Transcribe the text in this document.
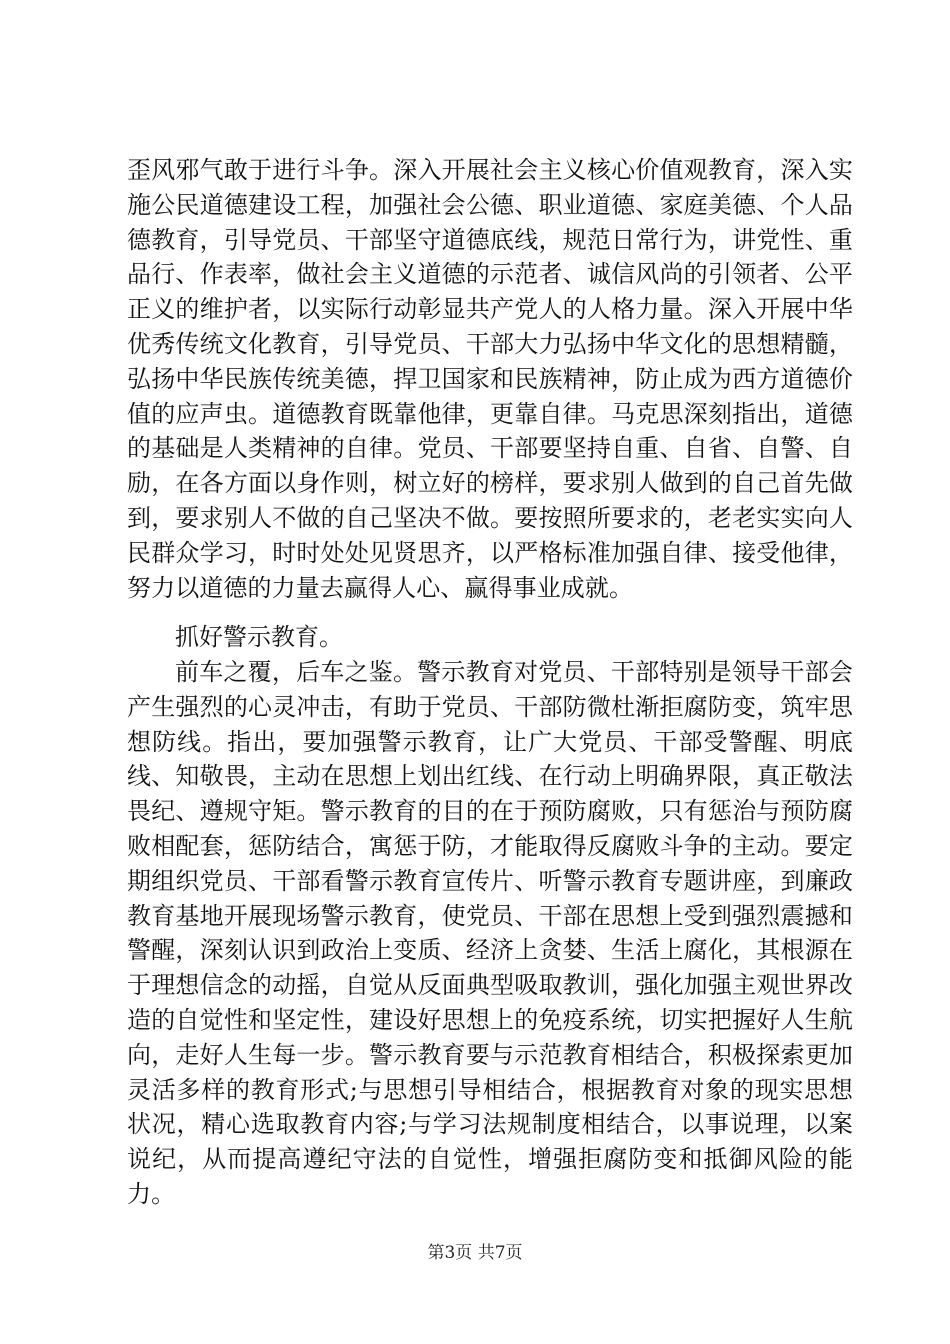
歪风邪气敢于进行斗争。深入开展社会主义核心价值观教育，深入实施公民道德建设工程，加强社会公德、职业道德、家庭美德、个人品德教育，引导党员、干部坚守道德底线，规范日常行为，讲党性、重品行、作表率，做社会主义道德的示范者、诚信风尚的引领者、公平正义的维护者，以实际行动彰显共产党人的人格力量。深入开展中华优秀传统文化教育，引导党员、干部大力弘扬中华文化的思想精髓，弘扬中华民族传统美德，捍卫国家和民族精神，防止成为西方道德价值的应声虫。道德教育既靠他律，更靠自律。马克思深刻指出，道德的基础是人类精神的自律。党员、干部要坚持自重、自省、自警、自励，在各方面以身作则，树立好的榜样，要求别人做到的自己首先做到，要求别人不做的自己坚决不做。要按照所要求的，老老实实向人民群众学习，时时处处见贤思齐，以严格标准加强自律、接受他律，努力以道德的力量去赢得人心、赢得事业成就。

抓好警示教育。

前车之覆，后车之鉴。警示教育对党员、干部特别是领导干部会产生强烈的心灵冲击，有助于党员、干部防微杜渐拒腐防变，筑牢思想防线。指出，要加强警示教育，让广大党员、干部受警醒、明底线、知敬畏，主动在思想上划出红线、在行动上明确界限，真正敬法畏纪、遵规守矩。警示教育的目的在于预防腐败，只有惩治与预防腐败相配套，惩防结合，寓惩于防，才能取得反腐败斗争的主动。要定期组织党员、干部看警示教育宣传片、听警示教育专题讲座，到廉政教育基地开展现场警示教育，使党员、干部在思想上受到强烈震撼和警醒，深刻认识到政治上变质、经济上贪婪、生活上腐化，其根源在于理想信念的动摇，自觉从反面典型吸取教训，强化加强主观世界改造的自觉性和坚定性，建设好思想上的免疫系统，切实把握好人生航向，走好人生每一步。警示教育要与示范教育相结合，积极探索更加灵活多样的教育形式;与思想引导相结合，根据教育对象的现实思想状况，精心选取教育内容;与学习法规制度相结合，以事说理，以案说纪，从而提高遵纪守法的自觉性，增强拒腐防变和抵御风险的能力。

第3页 共7页
